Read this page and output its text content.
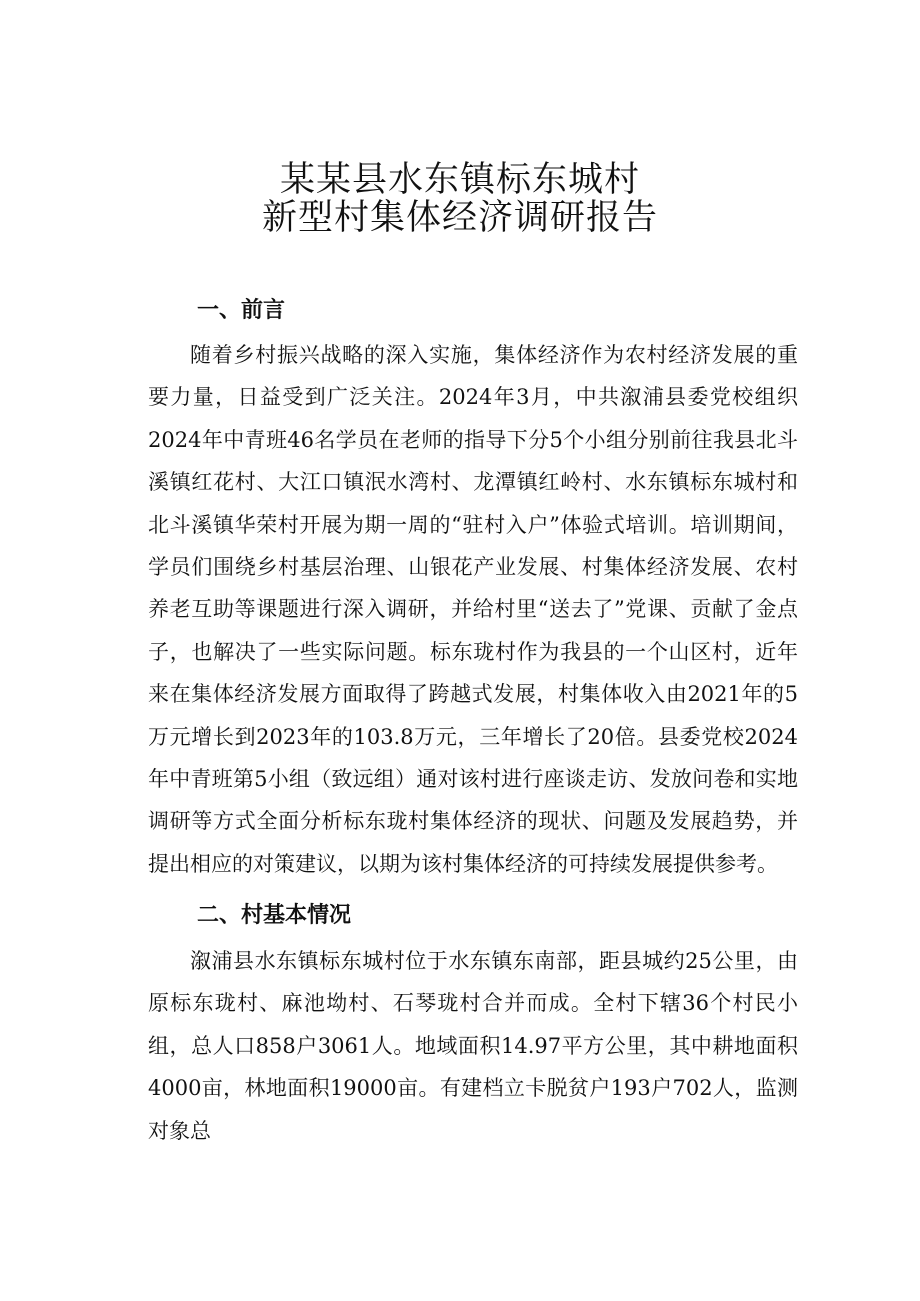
某某县水东镇标东城村
新型村集体经济调研报告
一、前言

随着乡村振兴战略的深入实施，集体经济作为农村经济发展的重要力量，日益受到广泛关注。2024年3月，中共溆浦县委党校组织2024年中青班46名学员在老师的指导下分5个小组分别前往我县北斗溪镇红花村、大江口镇泯水湾村、龙潭镇红岭村、水东镇标东城村和北斗溪镇华荣村开展为期一周的“驻村入户”体验式培训。培训期间，学员们围绕乡村基层治理、山银花产业发展、村集体经济发展、农村养老互助等课题进行深入调研，并给村里“送去了”党课、贡献了金点子，也解决了一些实际问题。标东珑村作为我县的一个山区村，近年来在集体经济发展方面取得了跨越式发展，村集体收入由2021年的5万元增长到2023年的103.8万元，三年增长了20倍。县委党校2024年中青班第5小组（致远组）通对该村进行座谈走访、发放问卷和实地调研等方式全面分析标东珑村集体经济的现状、问题及发展趋势，并提出相应的对策建议，以期为该村集体经济的可持续发展提供参考。

二、村基本情况

溆浦县水东镇标东城村位于水东镇东南部，距县城约25公里，由原标东珑村、麻池坳村、石琴珑村合并而成。全村下辖36个村民小组，总人口858户3061人。地域面积14.97平方公里，其中耕地面积4000亩，林地面积19000亩。有建档立卡脱贫户193户702人，监测对象总
